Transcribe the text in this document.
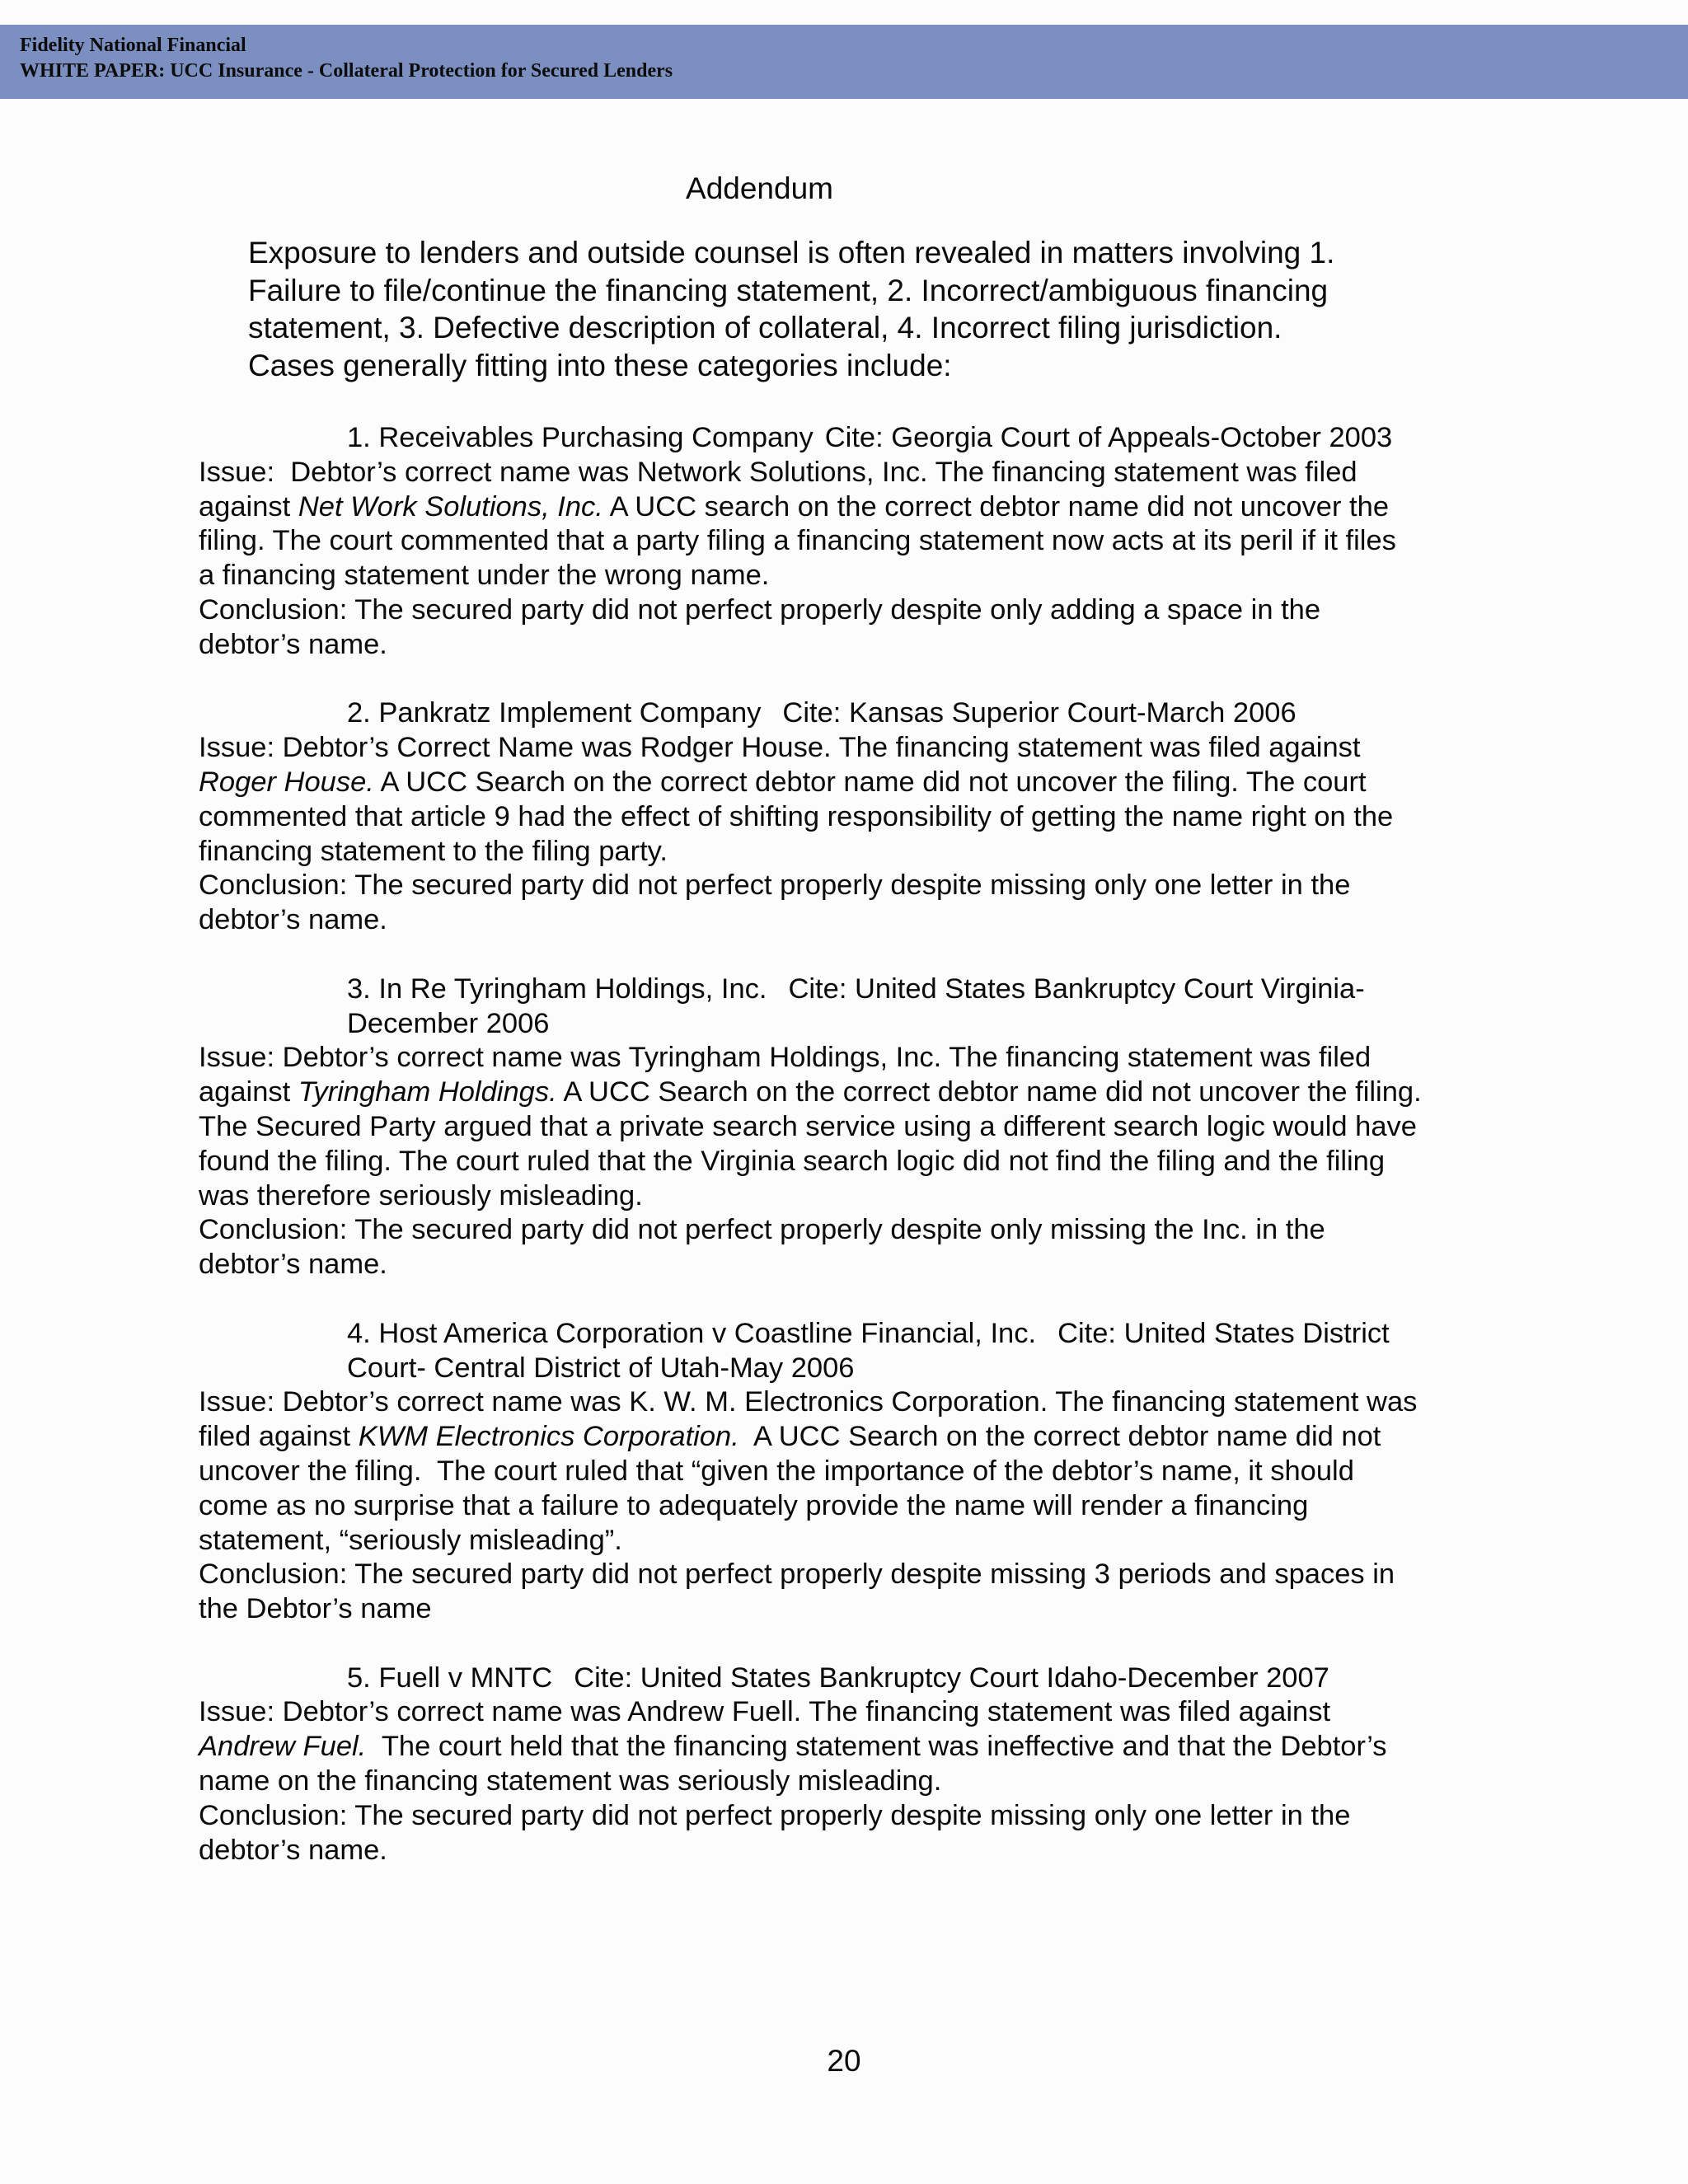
Fidelity National Financial
WHITE PAPER: UCC Insurance - Collateral Protection for Secured Lenders
Addendum
Exposure to lenders and outside counsel is often revealed in matters involving 1.
Failure to file/continue the financing statement, 2. Incorrect/ambiguous financing
statement, 3. Defective description of collateral, 4. Incorrect filing jurisdiction.
Cases generally fitting into these categories include:
1. Receivables Purchasing Company Cite: Georgia Court of Appeals-October 2003
Issue:  Debtor’s correct name was Network Solutions, Inc. The financing statement was filed
against Net Work Solutions, Inc. A UCC search on the correct debtor name did not uncover the
filing. The court commented that a party filing a financing statement now acts at its peril if it files
a financing statement under the wrong name.
Conclusion: The secured party did not perfect properly despite only adding a space in the
debtor’s name.
2. Pankratz Implement Company Cite: Kansas Superior Court-March 2006
Issue: Debtor’s Correct Name was Rodger House. The financing statement was filed against
Roger House. A UCC Search on the correct debtor name did not uncover the filing. The court
commented that article 9 had the effect of shifting responsibility of getting the name right on the
financing statement to the filing party.
Conclusion: The secured party did not perfect properly despite missing only one letter in the
debtor’s name.
3. In Re Tyringham Holdings, Inc. Cite: United States Bankruptcy Court Virginia-
December 2006
Issue: Debtor’s correct name was Tyringham Holdings, Inc. The financing statement was filed
against Tyringham Holdings. A UCC Search on the correct debtor name did not uncover the filing.
The Secured Party argued that a private search service using a different search logic would have
found the filing. The court ruled that the Virginia search logic did not find the filing and the filing
was therefore seriously misleading.
Conclusion: The secured party did not perfect properly despite only missing the Inc. in the
debtor’s name.
4. Host America Corporation v Coastline Financial, Inc. Cite: United States District
Court- Central District of Utah-May 2006
Issue: Debtor’s correct name was K. W. M. Electronics Corporation. The financing statement was
filed against KWM Electronics Corporation.  A UCC Search on the correct debtor name did not
uncover the filing.  The court ruled that “given the importance of the debtor’s name, it should
come as no surprise that a failure to adequately provide the name will render a financing
statement, “seriously misleading”.
Conclusion: The secured party did not perfect properly despite missing 3 periods and spaces in
the Debtor’s name
5. Fuell v MNTC Cite: United States Bankruptcy Court Idaho-December 2007
Issue: Debtor’s correct name was Andrew Fuell. The financing statement was filed against
Andrew Fuel.  The court held that the financing statement was ineffective and that the Debtor’s
name on the financing statement was seriously misleading.
Conclusion: The secured party did not perfect properly despite missing only one letter in the
debtor’s name.
20
